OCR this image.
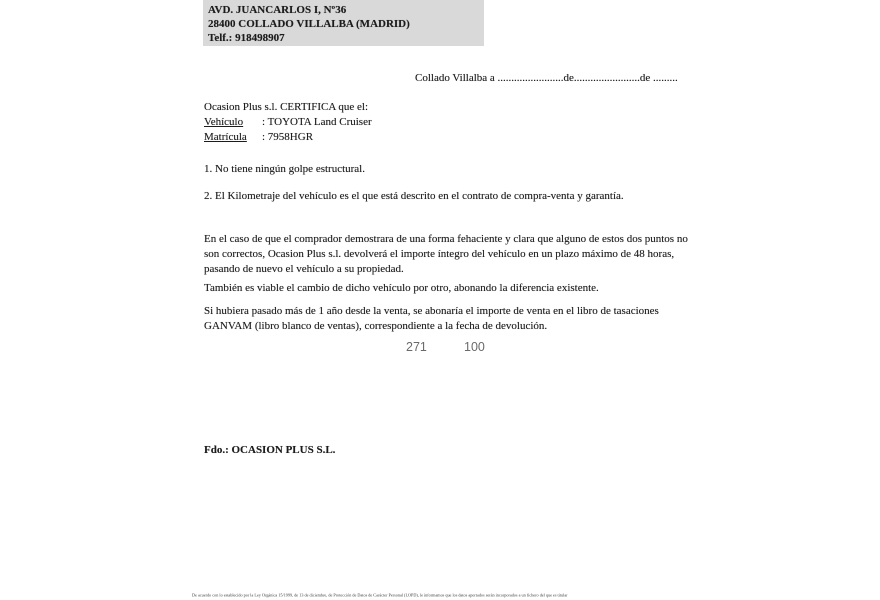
AVD. JUANCARLOS I, Nº36
28400 COLLADO VILLALBA (MADRID)
Telf.: 918498907
Collado Villalba a ........................de........................de .........
Ocasion Plus s.l. CERTIFICA que el:
Vehículo : TOYOTA Land Cruiser
Matrícula : 7958HGR
1. No tiene ningún golpe estructural.
2. El Kilometraje del vehículo es el que está descrito en el contrato de compra-venta y garantía.
En el caso de que el comprador demostrara de una forma fehaciente y clara que alguno de estos dos puntos no
son correctos, Ocasion Plus s.l. devolverá el importe íntegro del vehículo en un plazo máximo de 48 horas,
pasando de nuevo el vehículo a su propiedad.
También es viable el cambio de dicho vehículo por otro, abonando la diferencia existente.
Si hubiera pasado más de 1 año desde la venta, se abonaría el importe de venta en el libro de tasaciones
GANVAM (libro blanco de ventas), correspondiente a la fecha de devolución.
271	100
Fdo.: OCASION PLUS S.L.
De acuerdo con lo establecido por la Ley Orgánica 15/1999, de 13 de diciembre, de Protección de Datos de Carácter Personal (LOPD), le informamos que los datos aportados serán incorporados a un fichero del que es titular
